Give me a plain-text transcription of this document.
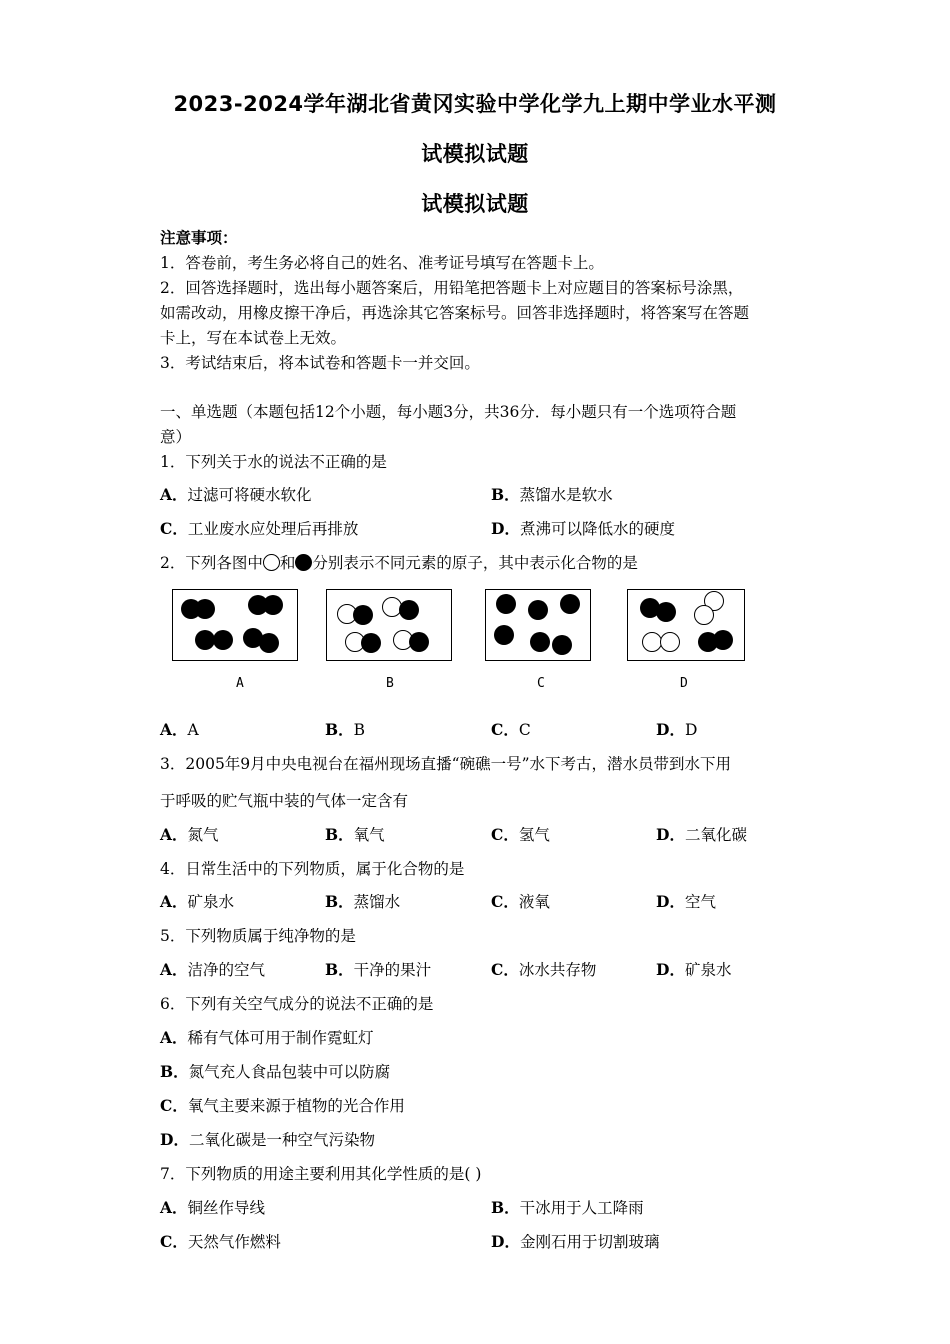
2023-2024学年湖北省黄冈实验中学化学九上期中学业水平测
试模拟试题
试模拟试题
注意事项：
1．答卷前，考生务必将自己的姓名、准考证号填写在答题卡上。
2．回答选择题时，选出每小题答案后，用铅笔把答题卡上对应题目的答案标号涂黑，
如需改动，用橡皮擦干净后，再选涂其它答案标号。回答非选择题时，将答案写在答题
卡上，写在本试卷上无效。
3．考试结束后，将本试卷和答题卡一并交回。
一、单选题（本题包括12个小题，每小题3分，共36分．每小题只有一个选项符合题
意）
1．下列关于水的说法不正确的是
A．过滤可将硬水软化	B．蒸馏水是软水
C．工业废水应处理后再排放	D．煮沸可以降低水的硬度
2．下列各图中 和 分别表示不同元素的原子，其中表示化合物的是
A	B	C	D
A．A	B．B	C．C	D．D
3．2005年9月中央电视台在福州现场直播“碗礁一号”水下考古，潜水员带到水下用
于呼吸的贮气瓶中装的气体一定含有
A．氮气	B．氧气	C．氢气	D．二氧化碳
4．日常生活中的下列物质，属于化合物的是
A．矿泉水	B．蒸馏水	C．液氧	D．空气
5．下列物质属于纯净物的是
A．洁净的空气	B．干净的果汁	C．冰水共存物	D．矿泉水
6．下列有关空气成分的说法不正确的是
A．稀有气体可用于制作霓虹灯
B．氮气充人食品包装中可以防腐
C．氧气主要来源于植物的光合作用
D．二氧化碳是一种空气污染物
7．下列物质的用途主要利用其化学性质的是( )
A．铜丝作导线	B．干冰用于人工降雨
C．天然气作燃料	D．金刚石用于切割玻璃
